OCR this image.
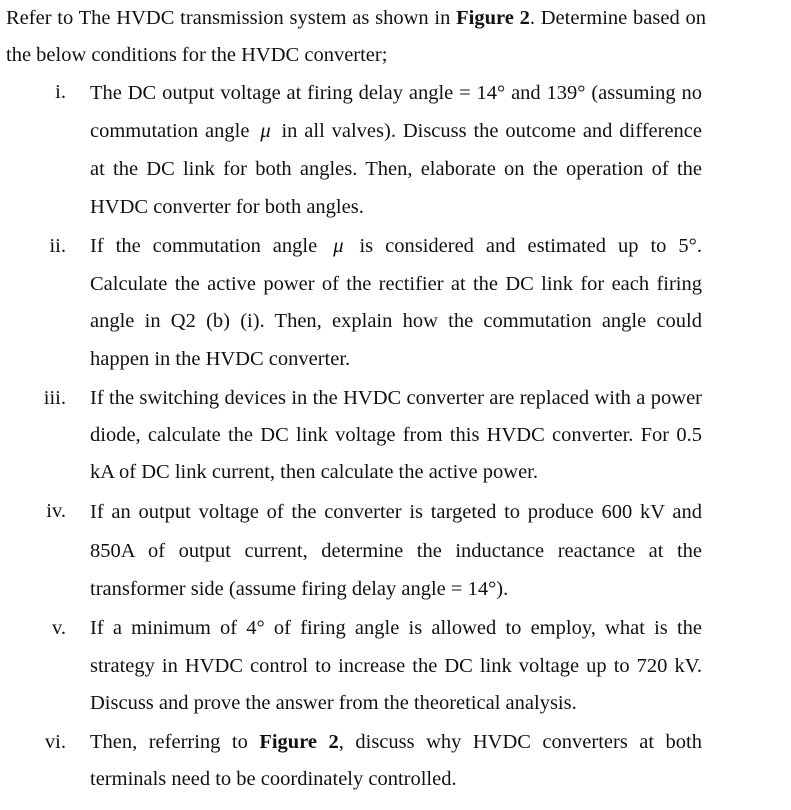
Refer to The HVDC transmission system as shown in Figure 2. Determine based on the below conditions for the HVDC converter;
i. The DC output voltage at firing delay angle = 14° and 139° (assuming no commutation angle μ in all valves). Discuss the outcome and difference at the DC link for both angles. Then, elaborate on the operation of the HVDC converter for both angles.
ii. If the commutation angle μ is considered and estimated up to 5°. Calculate the active power of the rectifier at the DC link for each firing angle in Q2 (b) (i). Then, explain how the commutation angle could happen in the HVDC converter.
iii. If the switching devices in the HVDC converter are replaced with a power diode, calculate the DC link voltage from this HVDC converter. For 0.5 kA of DC link current, then calculate the active power.
iv. If an output voltage of the converter is targeted to produce 600 kV and 850A of output current, determine the inductance reactance at the transformer side (assume firing delay angle = 14°).
v. If a minimum of 4° of firing angle is allowed to employ, what is the strategy in HVDC control to increase the DC link voltage up to 720 kV. Discuss and prove the answer from the theoretical analysis.
vi. Then, referring to Figure 2, discuss why HVDC converters at both terminals need to be coordinately controlled.
